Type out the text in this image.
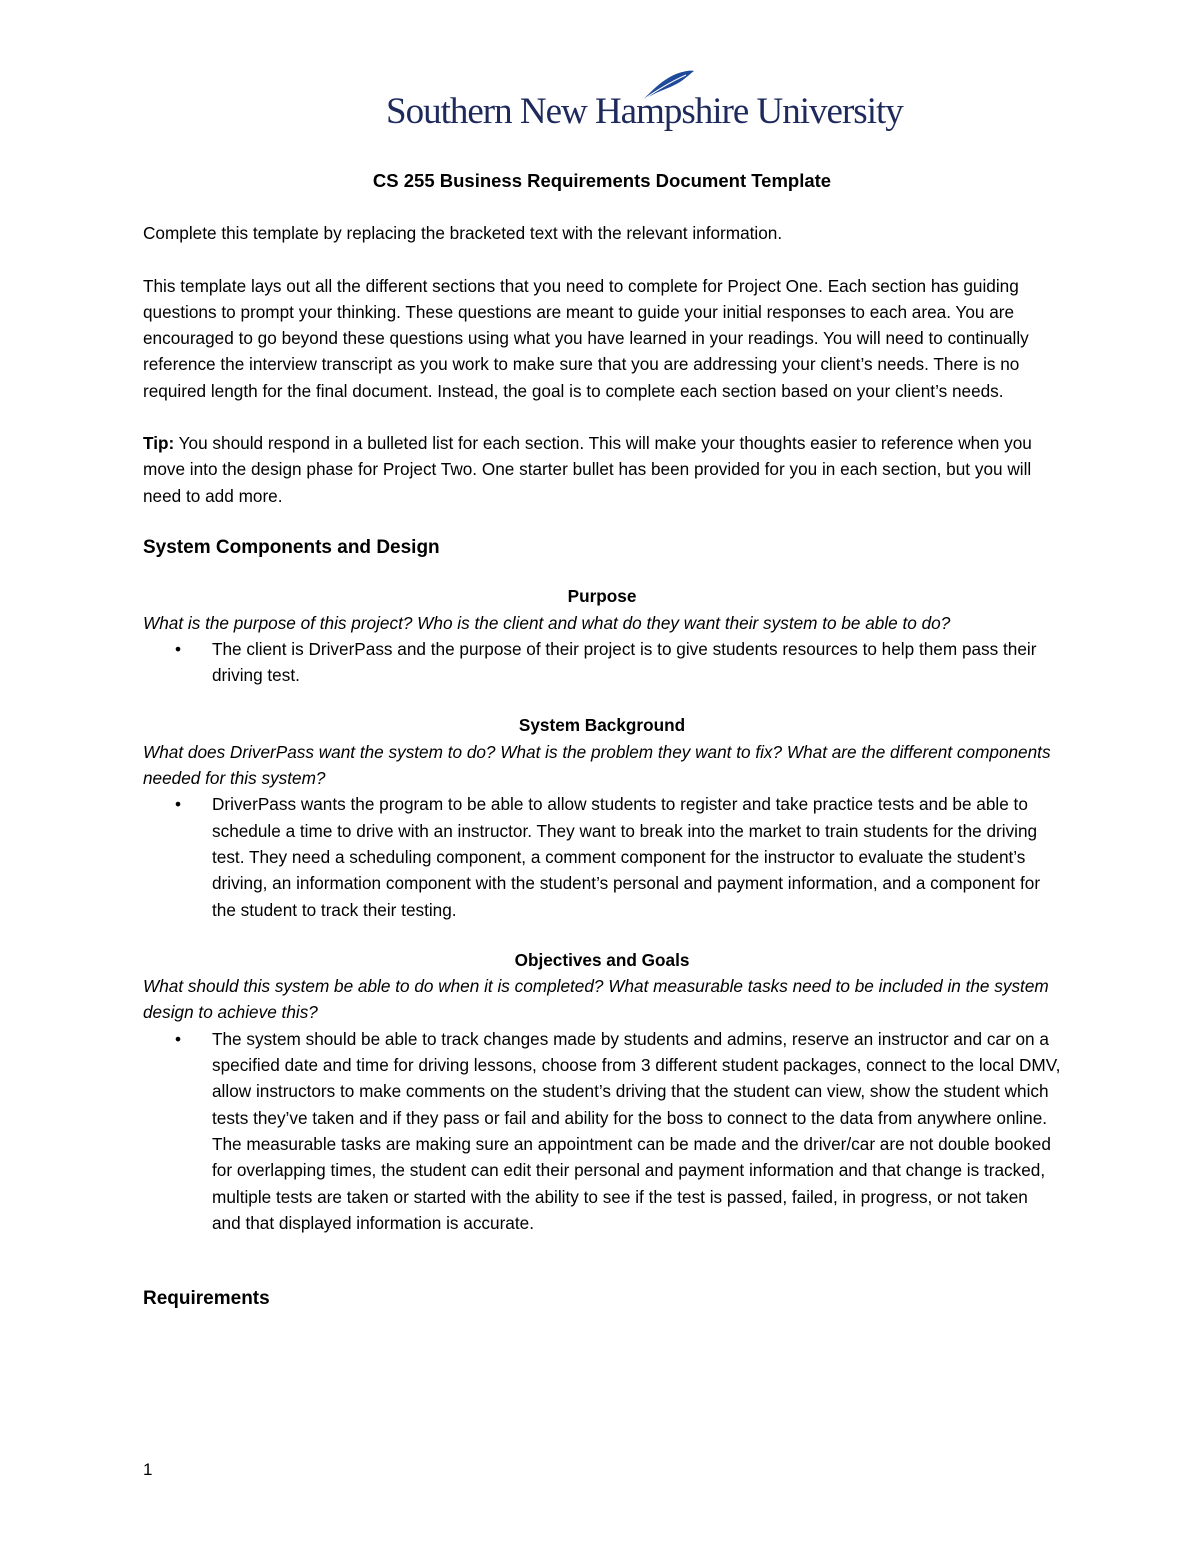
Southern New Hampshire University
CS 255 Business Requirements Document Template

Complete this template by replacing the bracketed text with the relevant information.

This template lays out all the different sections that you need to complete for Project One. Each section has guiding questions to prompt your thinking. These questions are meant to guide your initial responses to each area. You are encouraged to go beyond these questions using what you have learned in your readings. You will need to continually reference the interview transcript as you work to make sure that you are addressing your client’s needs. There is no required length for the final document. Instead, the goal is to complete each section based on your client’s needs.

Tip: You should respond in a bulleted list for each section. This will make your thoughts easier to reference when you move into the design phase for Project Two. One starter bullet has been provided for you in each section, but you will need to add more.

System Components and Design
Purpose

What is the purpose of this project? Who is the client and what do they want their system to be able to do?

• The client is DriverPass and the purpose of their project is to give students resources to help them pass their driving test.
System Background

What does DriverPass want the system to do? What is the problem they want to fix? What are the different components needed for this system?

• DriverPass wants the program to be able to allow students to register and take practice tests and be able to schedule a time to drive with an instructor. They want to break into the market to train students for the driving test. They need a scheduling component, a comment component for the instructor to evaluate the student’s driving, an information component with the student’s personal and payment information, and a component for the student to track their testing.
Objectives and Goals

What should this system be able to do when it is completed? What measurable tasks need to be included in the system design to achieve this?

• The system should be able to track changes made by students and admins, reserve an instructor and car on a specified date and time for driving lessons, choose from 3 different student packages, connect to the local DMV, allow instructors to make comments on the student’s driving that the student can view, show the student which tests they’ve taken and if they pass or fail and ability for the boss to connect to the data from anywhere online. The measurable tasks are making sure an appointment can be made and the driver/car are not double booked for overlapping times, the student can edit their personal and payment information and that change is tracked, multiple tests are taken or started with the ability to see if the test is passed, failed, in progress, or not taken and that displayed information is accurate.
Requirements
1
